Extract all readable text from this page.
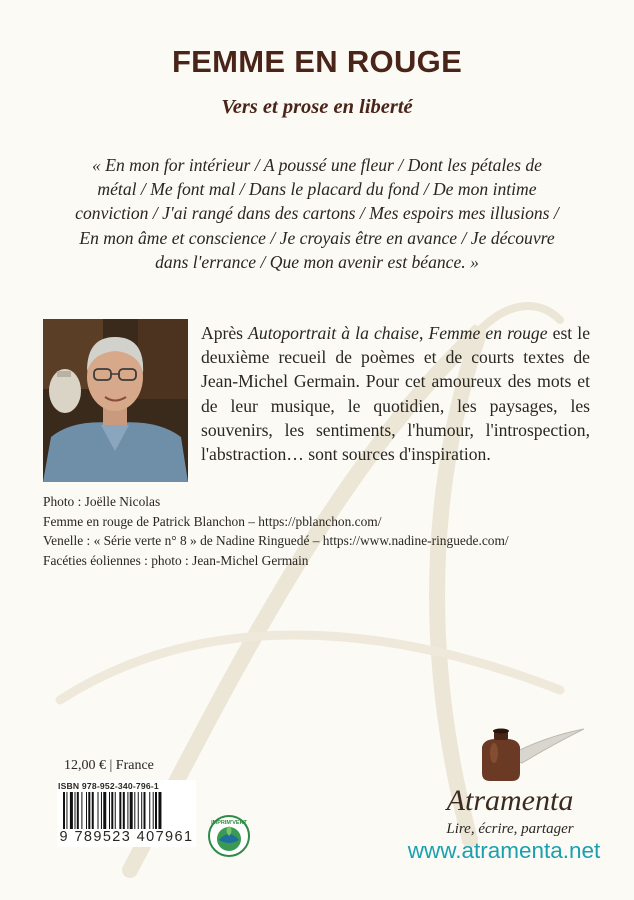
FEMME EN ROUGE
Vers et prose en liberté
« En mon for intérieur / A poussé une fleur / Dont les pétales de
métal / Me font mal / Dans le placard du fond / De mon intime
conviction / J'ai rangé dans des cartons / Mes espoirs mes illusions /
En mon âme et conscience / Je croyais être en avance / Je découvre
dans l'errance / Que mon avenir est béance. »
Après Autoportrait à la chaise, Femme en rouge est le deuxième recueil de poèmes et de courts textes de Jean-Michel Germain. Pour cet amoureux des mots et de leur musique, le quotidien, les paysages, les souvenirs, les sentiments, l'humour, l'introspection, l'abstraction… sont sources d'inspiration.
Photo : Joëlle Nicolas
Femme en rouge de Patrick Blanchon – https://pblanchon.com/
Venelle : « Série verte n° 8 » de Nadine Ringuedé – https://www.nadine-ringuede.com/
Facéties éoliennes : photo : Jean-Michel Germain
12,00 € | France
ISBN 978-952-340-796-1
9 789523 407961
IMPRIM'VERT
Atramenta
Lire, écrire, partager
www.atramenta.net
